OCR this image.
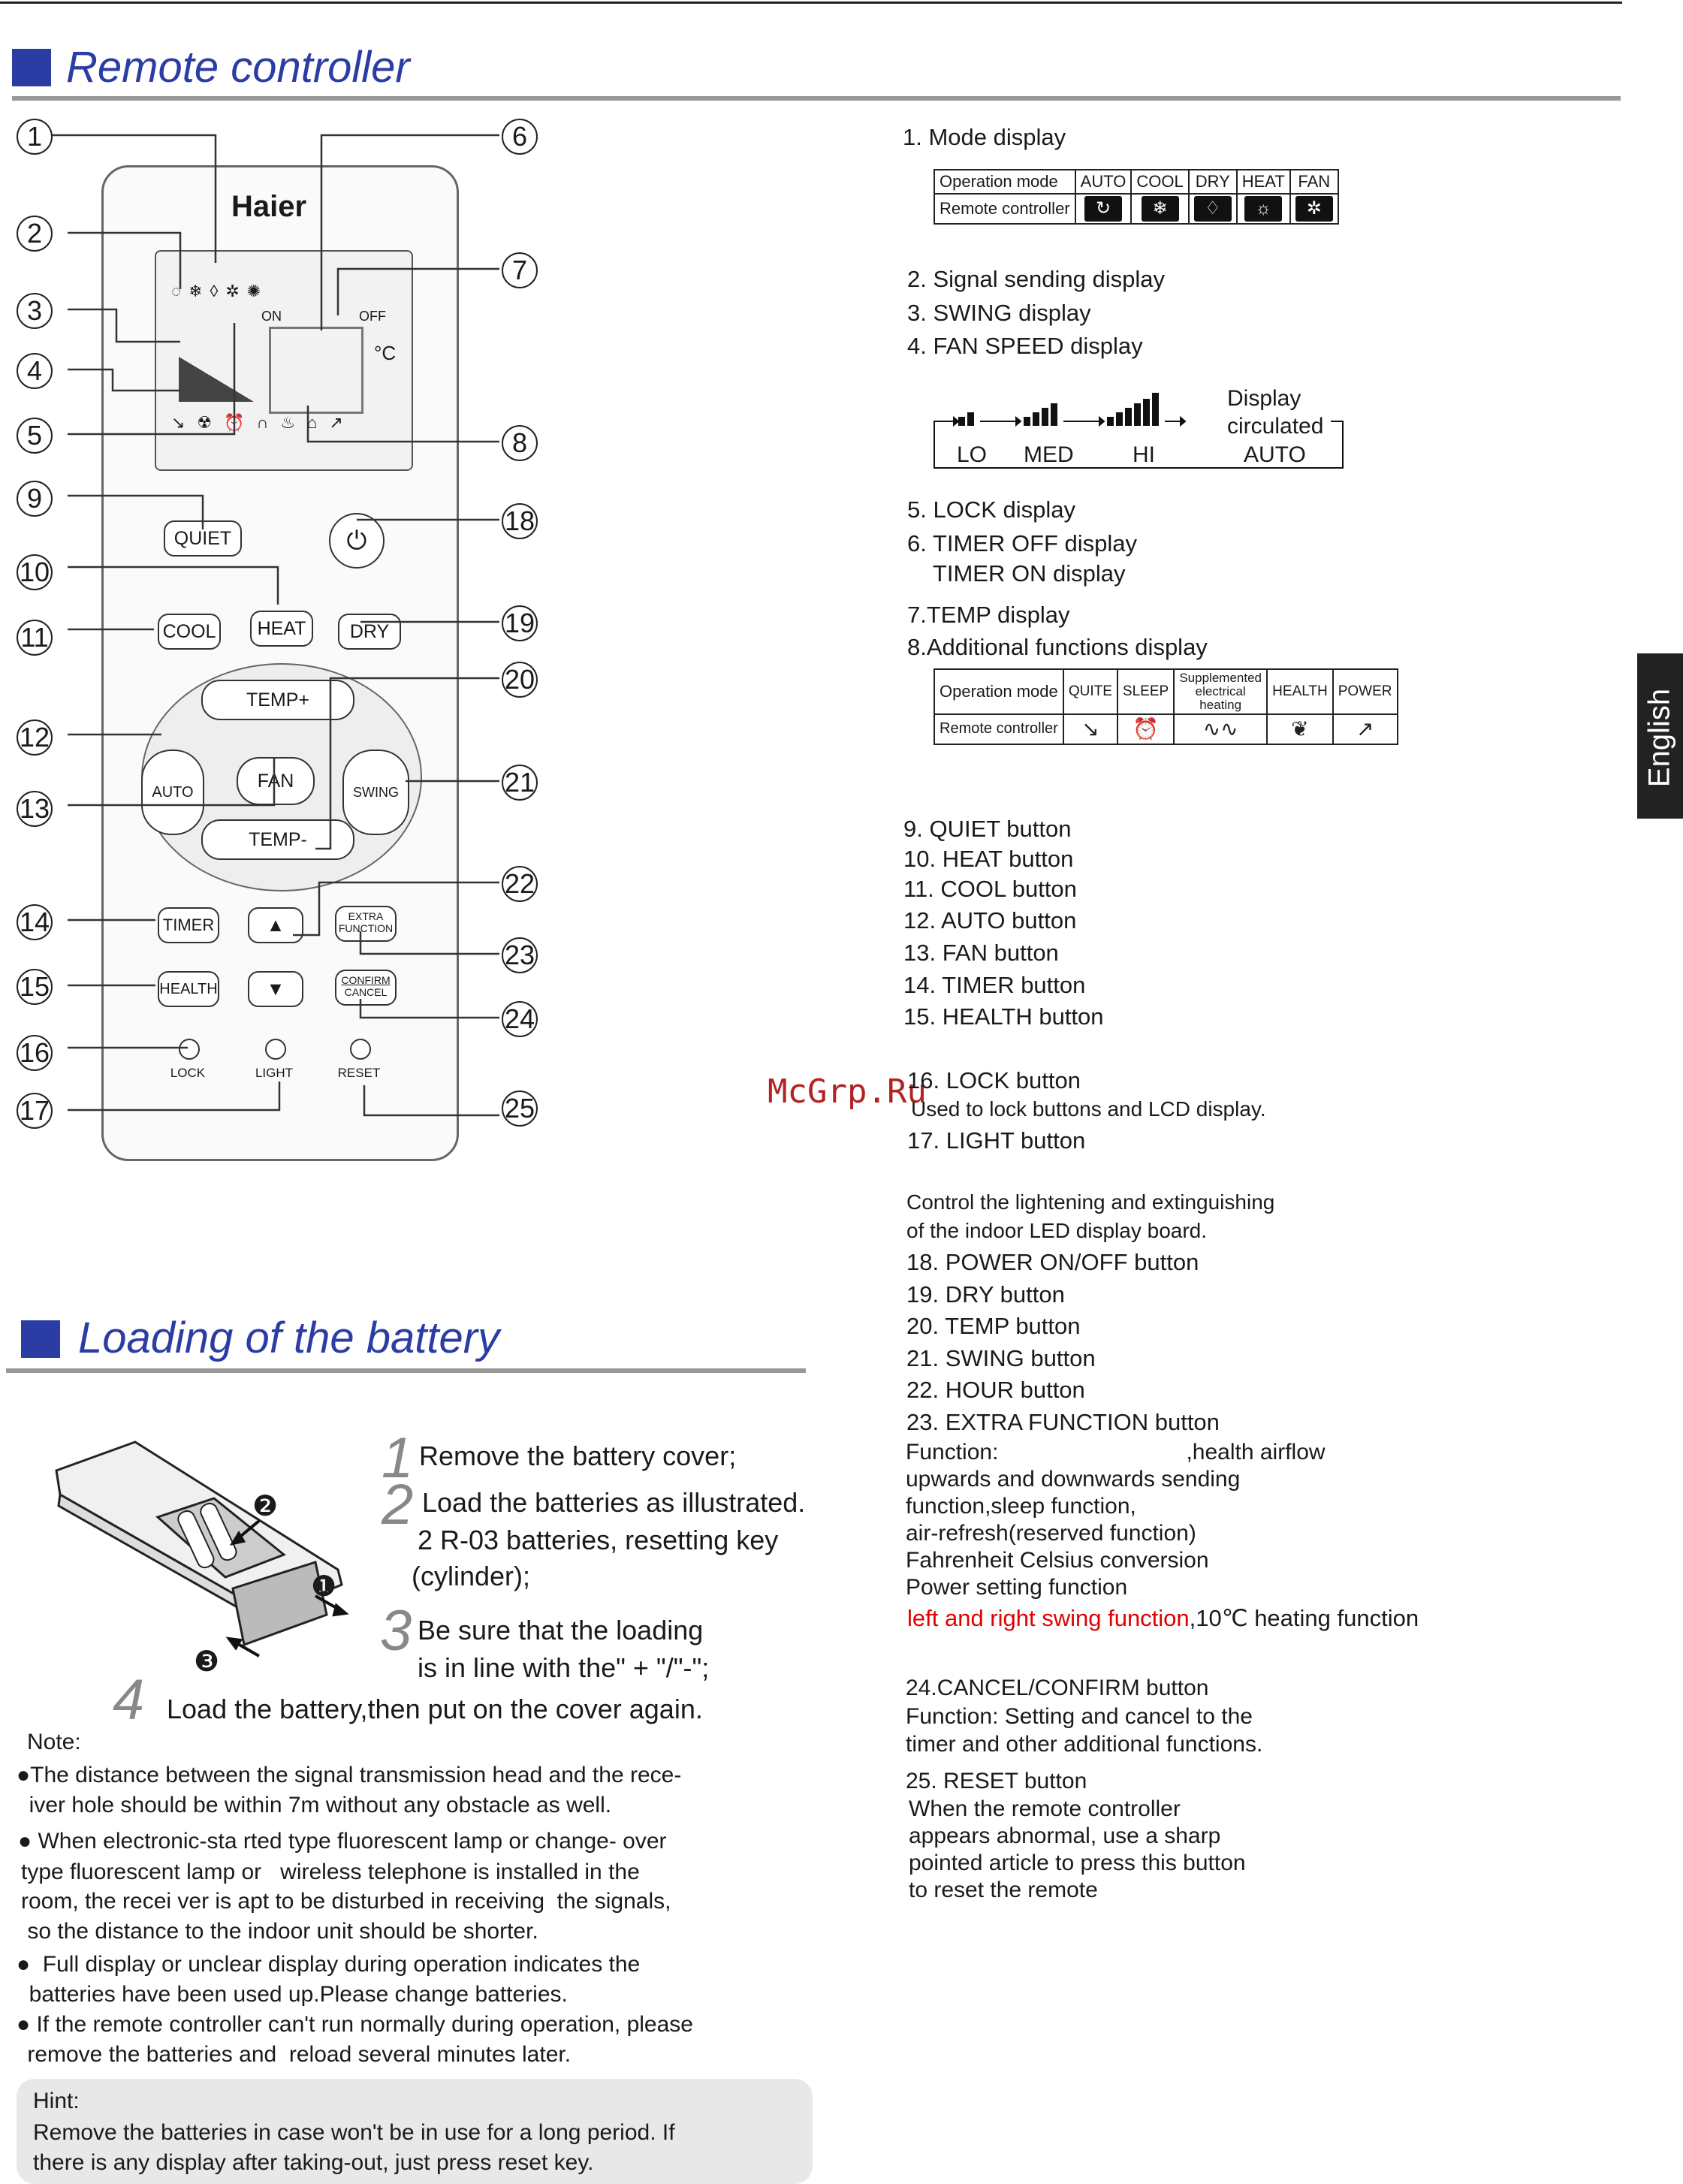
Remote controller
English
Haier
◌❄◊✲✺
ON	OFF
°C
↘☢⏰∩♨⌂↗
QUIET	⏻
COOL	HEAT	DRY
TEMP+
AUTO
FAN
SWING
TEMP-
TIMER	▲	EXTRA
FUNCTION
HEALTH	▼	CONFIRM
CANCEL
LOCK	LIGHT	RESET
1
2
3
4
5
9
10
11
12
13
14
15
16
17
6
7
8
18
19
20
21
22
23
24
25
1. Mode display
Operation mode	AUTO	COOL	DRY	HEAT	FAN
Remote controller	↻	❄	♢	☼	✲
2. Signal sending display
3. SWING display
4. FAN SPEED display
LO MED	HI	AUTO
Display
circulated
5. LOCK display
6. TIMER OFF display
TIMER ON display
7.TEMP display
8.Additional functions display
Operation mode	QUITE	SLEEP	Supplemented electrical heating	HEALTH	POWER
Remote controller	↘	⏰	∿∿	❦	↗
9. QUIET button
10. HEAT button
11. COOL button
12. AUTO button
13. FAN button
14. TIMER button
15. HEALTH button
McGrp.Ru
16. LOCK button
Used to lock buttons and LCD display.
17. LIGHT button
Control the lightening and extinguishing
of the indoor LED display board.
18. POWER ON/OFF button
19. DRY button
20. TEMP button
21. SWING button
22. HOUR button
23. EXTRA FUNCTION button
Function:                              ,health airflow
upwards and downwards sending
function,sleep function,
air-refresh(reserved function)
Fahrenheit Celsius conversion
Power setting function
left and right swing function,10℃ heating function
24.CANCEL/CONFIRM button
Function: Setting and cancel to the
timer and other additional functions.
25. RESET button
When the remote controller
appears abnormal, use a sharp
pointed article to press this button
to reset the remote
Loading of the battery
❷
❶
❸
1 Remove the battery cover;
2 Load the batteries as illustrated.
2 R-03 batteries, resetting key
(cylinder);
3 Be sure that the loading
is in line with the" + "/"-";
4 Load the battery,then put on the cover again.
Note:
●The distance between the signal transmission head and the rece-
iver hole should be within 7m without any obstacle as well.
● When electronic-sta rted type fluorescent lamp or change- over
type fluorescent lamp or   wireless telephone is installed in the
room, the recei ver is apt to be disturbed in receiving  the signals,
so the distance to the indoor unit should be shorter.
●  Full display or unclear display during operation indicates the
batteries have been used up.Please change batteries.
● If the remote controller can't run normally during operation, please
remove the batteries and  reload several minutes later.
Hint:
Remove the batteries in case won't be in use for a long period. If
there is any display after taking-out, just press reset key.
